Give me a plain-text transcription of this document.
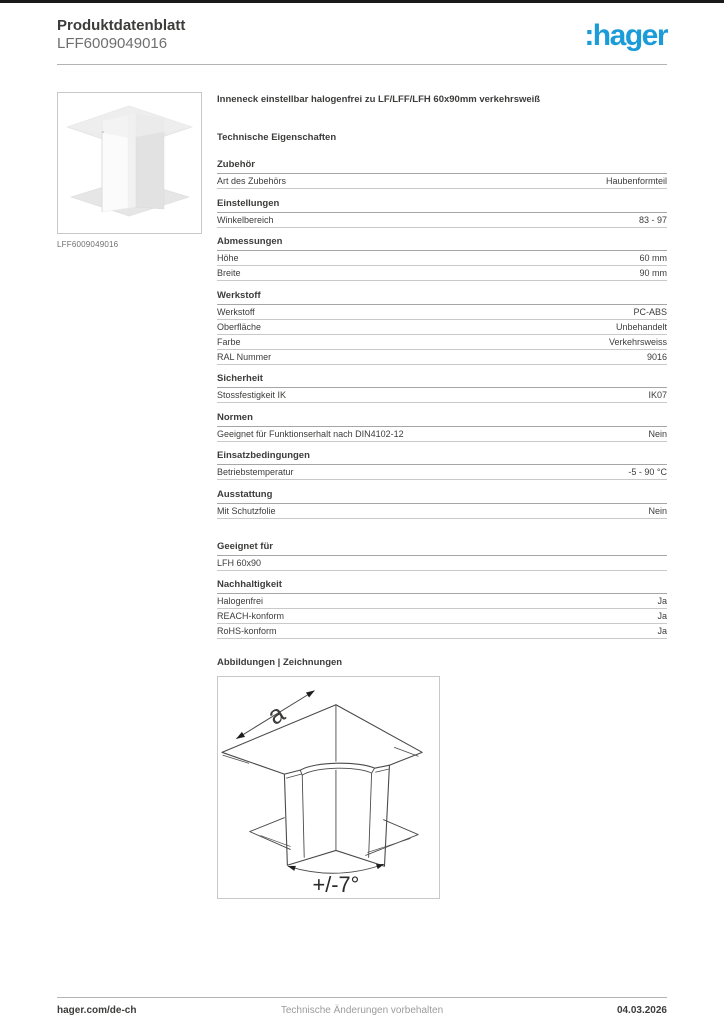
Produktdatenblatt
LFF6009049016	:hager
LFF6009049016
Inneneck einstellbar halogenfrei zu LF/LFF/LFH 60x90mm verkehrsweiß
Technische Eigenschaften
Zubehör
Art des Zubehörs	Haubenformteil
Einstellungen
Winkelbereich	83 - 97
Abmessungen
Höhe	60 mm
Breite	90 mm
Werkstoff
Werkstoff	PC-ABS
Oberfläche	Unbehandelt
Farbe	Verkehrsweiss
RAL Nummer	9016
Sicherheit
Stossfestigkeit IK	IK07
Normen
Geeignet für Funktionserhalt nach DIN4102-12	Nein
Einsatzbedingungen
Betriebstemperatur	-5 - 90 °C
Ausstattung
Mit Schutzfolie	Nein
Geeignet für
LFH 60x90
Nachhaltigkeit
Halogenfrei	Ja
REACH-konform	Ja
RoHS-konform	Ja
Abbildungen | Zeichnungen
a
+/-7°
hager.com/de-ch	Technische Änderungen vorbehalten	04.03.2026
